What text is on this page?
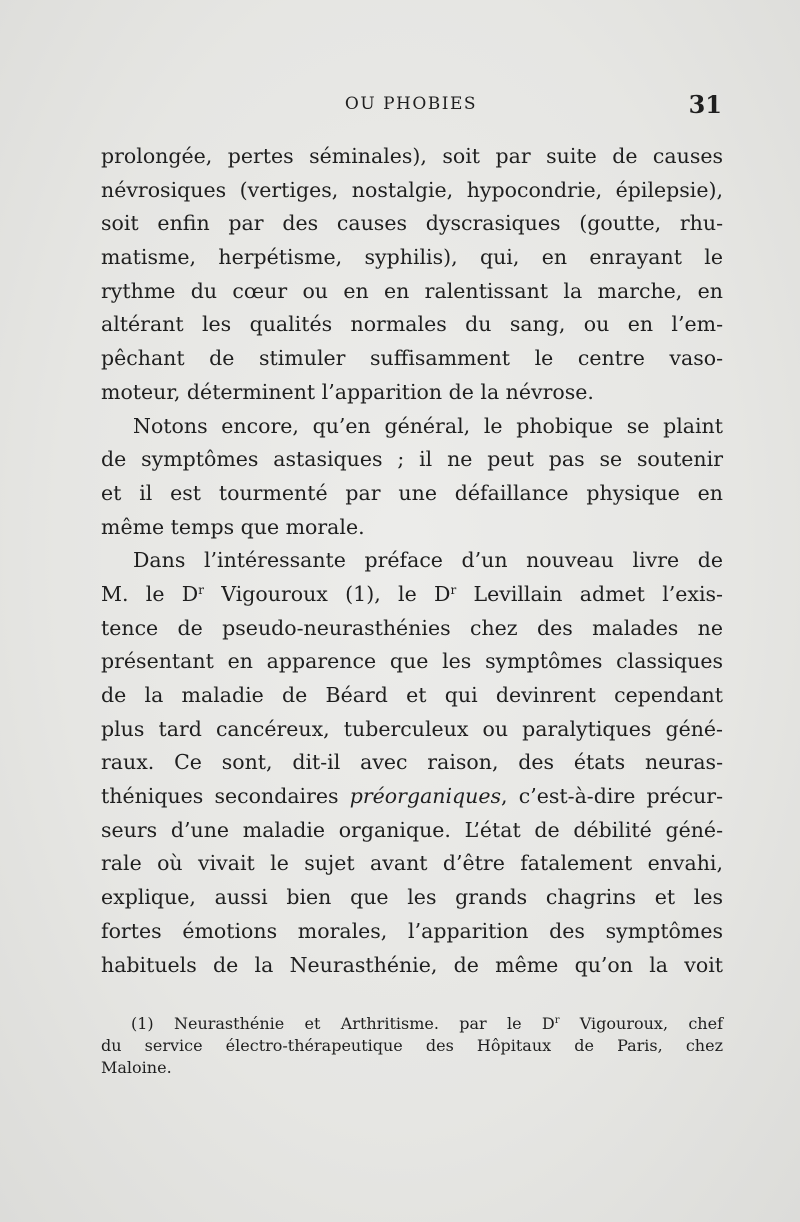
OU PHOBIES	31
prolongée, pertes séminales), soit par suite de causes
névrosiques (vertiges, nostalgie, hypocondrie, épilepsie),
soit enfin par des causes dyscrasiques (goutte, rhu-
matisme, herpétisme, syphilis), qui, en enrayant le
rythme du cœur ou en en ralentissant la marche, en
altérant les qualités normales du sang, ou en l’em-
pêchant de stimuler suffisamment le centre vaso-
moteur, déterminent l’apparition de la névrose.
Notons encore, qu’en général, le phobique se plaint
de symptômes astasiques ; il ne peut pas se soutenir
et il est tourmenté par une défaillance physique en
même temps que morale.
Dans l’intéressante préface d’un nouveau livre de
M. le $D^r$ Vigouroux (1), le $D^r$ Levillain admet l’exis-
tence de pseudo-neurasthénies chez des malades ne
présentant en apparence que les symptômes classiques
de la maladie de Béard et qui devinrent cependant
plus tard cancéreux, tuberculeux ou paralytiques géné-
raux. Ce sont, dit-il avec raison, des états neuras-
théniques secondaires préorganiques, c’est-à-dire précur-
seurs d’une maladie organique. L’état de débilité géné-
rale où vivait le sujet avant d’être fatalement envahi,
explique, aussi bien que les grands chagrins et les
fortes émotions morales, l’apparition des symptômes
habituels de la Neurasthénie, de même qu’on la voit
(1) Neurasthénie et Arthritisme. par le $D^r$ Vigouroux, chef
du service électro-thérapeutique des Hôpitaux de Paris, chez
Maloine.
